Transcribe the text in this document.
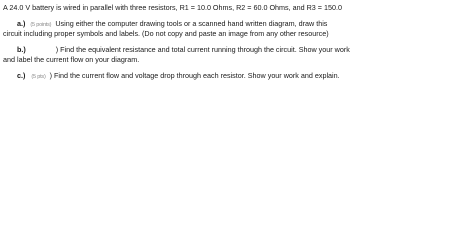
A 24.0 V battery is wired in parallel with three resistors, R1 = 10.0 Ohms, R2 = 60.0 Ohms, and R3 = 150.0
a.) (5 points) Using either the computer drawing tools or a scanned hand written diagram, draw this
circuit including proper symbols and labels. (Do not copy and paste an image from any other resource)
b.)	) Find the equivalent resistance and total current running through the circuit. Show your work
and label the current flow on your diagram.
c.) (5 pts) ) Find the current flow and voltage drop through each resistor. Show your work and explain.
